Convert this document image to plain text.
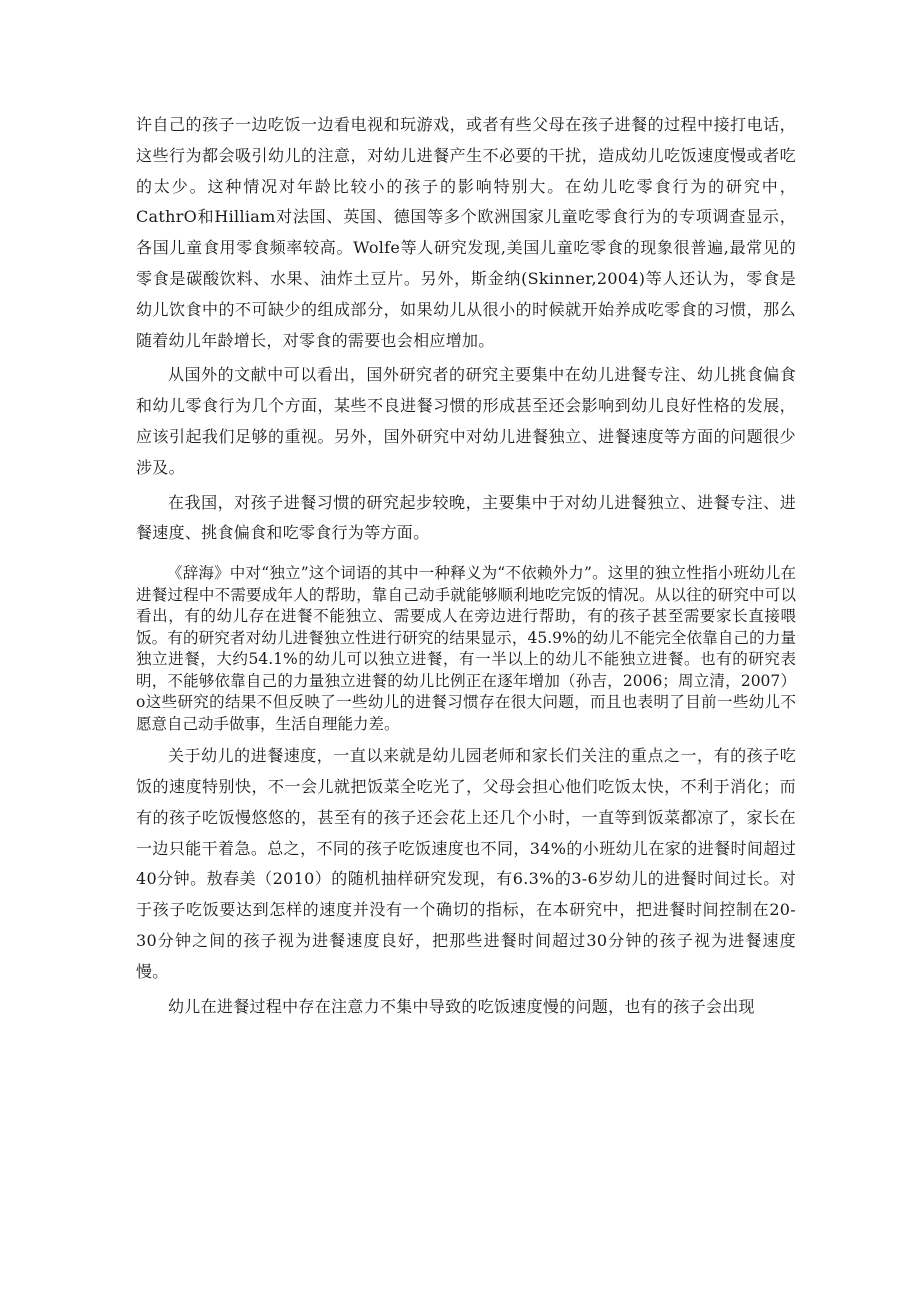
许自己的孩子一边吃饭一边看电视和玩游戏，或者有些父母在孩子进餐的过程中接打电话，这些行为都会吸引幼儿的注意，对幼儿进餐产生不必要的干扰，造成幼儿吃饭速度慢或者吃的太少。这种情况对年龄比较小的孩子的影响特别大。在幼儿吃零食行为的研究中，CathrO和Hilliam对法国、英国、德国等多个欧洲国家儿童吃零食行为的专项调查显示，各国儿童食用零食频率较高。Wolfe等人研究发现,美国儿童吃零食的现象很普遍,最常见的零食是碳酸饮料、水果、油炸土豆片。另外，斯金纳(Skinner,2004)等人还认为，零食是幼儿饮食中的不可缺少的组成部分，如果幼儿从很小的时候就开始养成吃零食的习惯，那么随着幼儿年龄增长，对零食的需要也会相应增加。

从国外的文献中可以看出，国外研究者的研究主要集中在幼儿进餐专注、幼儿挑食偏食和幼儿零食行为几个方面，某些不良进餐习惯的形成甚至还会影响到幼儿良好性格的发展，应该引起我们足够的重视。另外，国外研究中对幼儿进餐独立、进餐速度等方面的问题很少涉及。

在我国，对孩子进餐习惯的研究起步较晚，主要集中于对幼儿进餐独立、进餐专注、进餐速度、挑食偏食和吃零食行为等方面。

《辞海》中对“独立”这个词语的其中一种释义为“不依赖外力”。这里的独立性指小班幼儿在进餐过程中不需要成年人的帮助，靠自己动手就能够顺利地吃完饭的情况。从以往的研究中可以看出，有的幼儿存在进餐不能独立、需要成人在旁边进行帮助，有的孩子甚至需要家长直接喂饭。有的研究者对幼儿进餐独立性进行研究的结果显示，45.9%的幼儿不能完全依靠自己的力量独立进餐，大约54.1%的幼儿可以独立进餐，有一半以上的幼儿不能独立进餐。也有的研究表明，不能够依靠自己的力量独立进餐的幼儿比例正在逐年增加（孙吉，2006；周立清，2007）o这些研究的结果不但反映了一些幼儿的进餐习惯存在很大问题，而且也表明了目前一些幼儿不愿意自己动手做事，生活自理能力差。

关于幼儿的进餐速度，一直以来就是幼儿园老师和家长们关注的重点之一，有的孩子吃饭的速度特别快，不一会儿就把饭菜全吃光了，父母会担心他们吃饭太快，不利于消化；而有的孩子吃饭慢悠悠的，甚至有的孩子还会花上还几个小时，一直等到饭菜都凉了，家长在一边只能干着急。总之，不同的孩子吃饭速度也不同，34%的小班幼儿在家的进餐时间超过40分钟。敖春美（2010）的随机抽样研究发现，有6.3%的3-6岁幼儿的进餐时间过长。对于孩子吃饭要达到怎样的速度并没有一个确切的指标，在本研究中，把进餐时间控制在20-30分钟之间的孩子视为进餐速度良好，把那些进餐时间超过30分钟的孩子视为进餐速度慢。

幼儿在进餐过程中存在注意力不集中导致的吃饭速度慢的问题，也有的孩子会出现
